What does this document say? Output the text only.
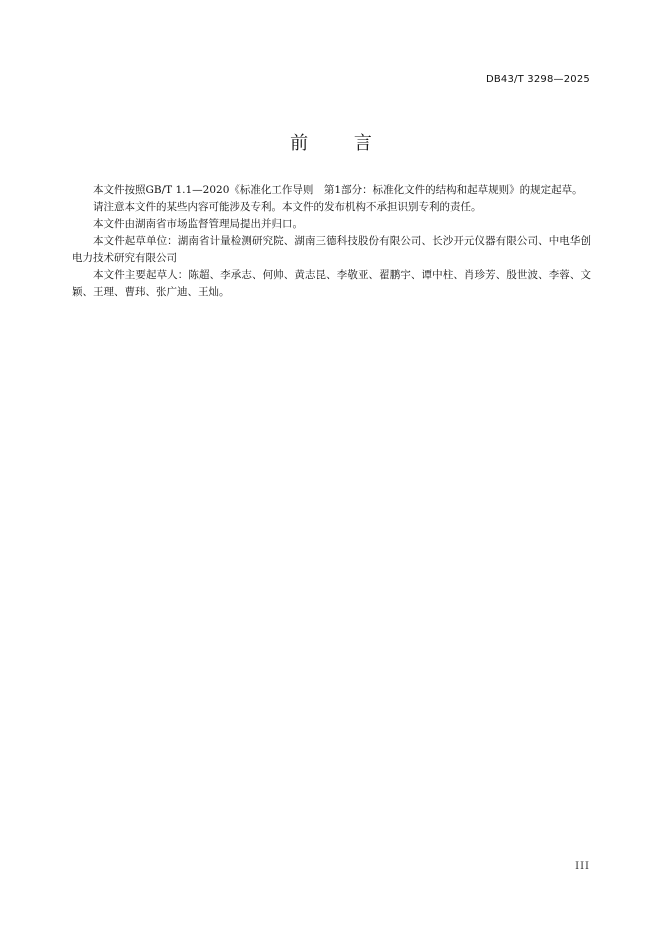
DB43/T 3298—2025
前 言

本文件按照GB/T 1.1—2020《标准化工作导则　第1部分：标准化文件的结构和起草规则》的规定起草。

请注意本文件的某些内容可能涉及专利。本文件的发布机构不承担识别专利的责任。

本文件由湖南省市场监督管理局提出并归口。

本文件起草单位：湖南省计量检测研究院、湖南三德科技股份有限公司、长沙开元仪器有限公司、中电华创电力技术研究有限公司

本文件主要起草人：陈超、李承志、何帅、黄志昆、李敬亚、翟鹏宇、谭中柱、肖珍芳、殷世波、李蓉、文颖、王理、曹玮、张广迪、王灿。

III
